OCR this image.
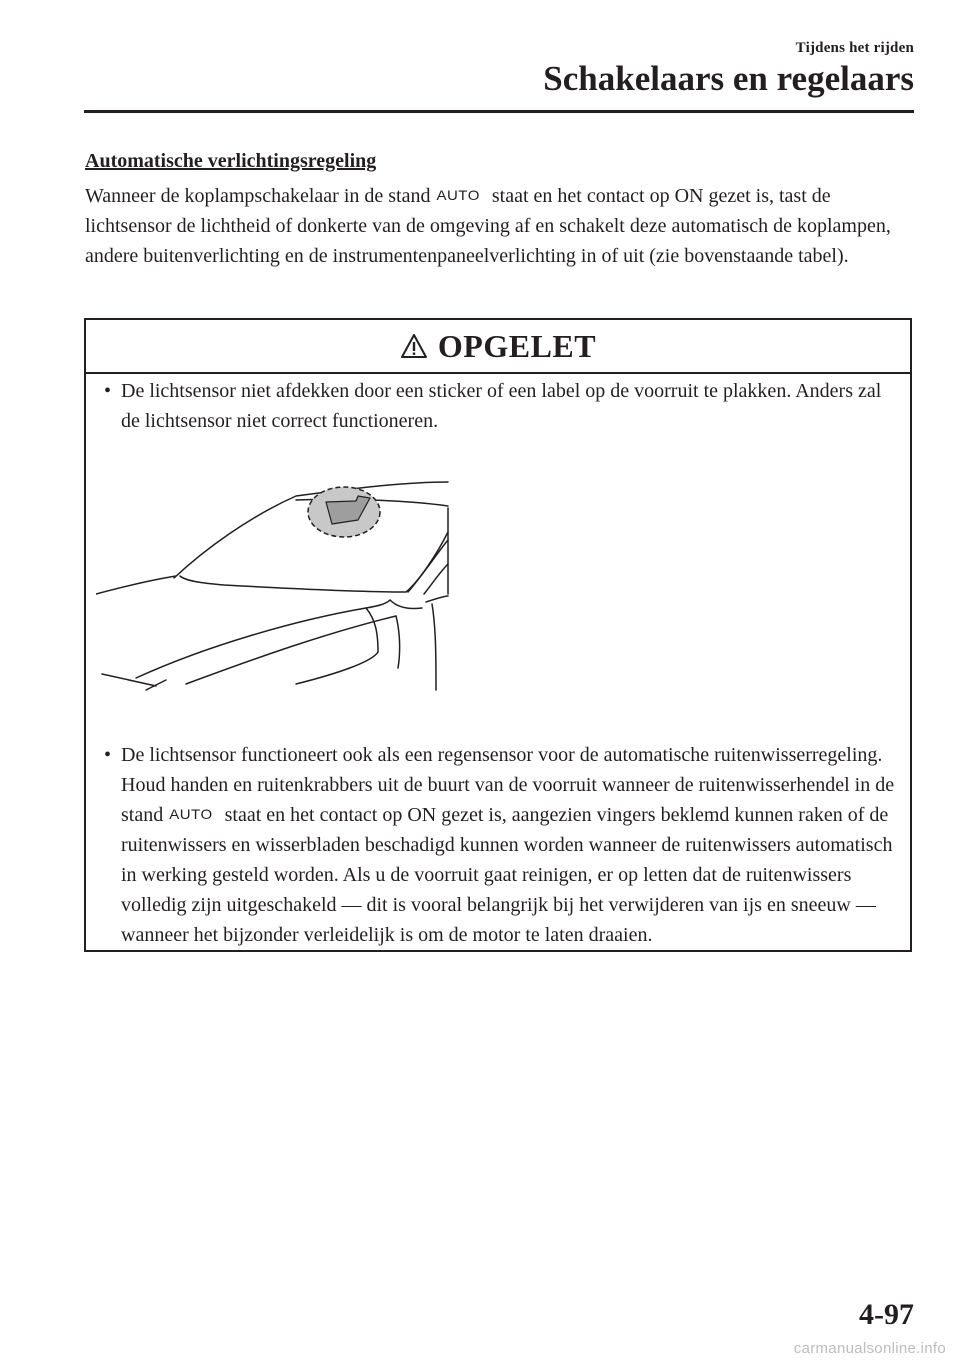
Tijdens het rijden
Schakelaars en regelaars

Automatische verlichtingsregeling

Wanneer de koplampschakelaar in de stand AUTO staat en het contact op ON gezet is, tast de lichtsensor de lichtheid of donkerte van de omgeving af en schakelt deze automatisch de koplampen, andere buitenverlichting en de instrumentenpaneelverlichting in of uit (zie bovenstaande tabel).

OPGELET
• De lichtsensor niet afdekken door een sticker of een label op de voorruit te plakken. Anders zal de lichtsensor niet correct functioneren.
• De lichtsensor functioneert ook als een regensensor voor de automatische ruitenwisserregeling. Houd handen en ruitenkrabbers uit de buurt van de voorruit wanneer de ruitenwisserhendel in de stand AUTO staat en het contact op ON gezet is, aangezien vingers beklemd kunnen raken of de ruitenwissers en wisserbladen beschadigd kunnen worden wanneer de ruitenwissers automatisch in werking gesteld worden. Als u de voorruit gaat reinigen, er op letten dat de ruitenwissers volledig zijn uitgeschakeld ― dit is vooral belangrijk bij het verwijderen van ijs en sneeuw ― wanneer het bijzonder verleidelijk is om de motor te laten draaien.
4-97
carmanualsonline.info
